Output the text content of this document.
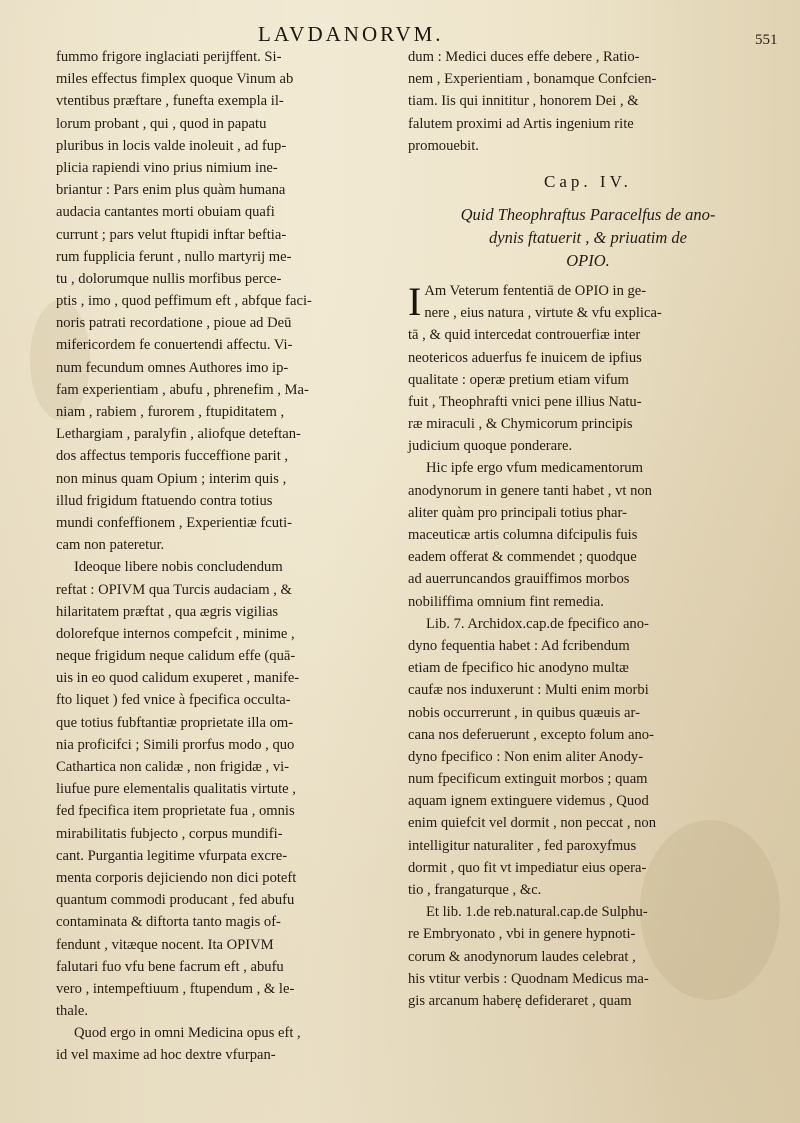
LAVDANORVM.	551
fummo frigore inglaciati perijffent. Si-
miles effectus fimplex quoque Vinum ab
vtentibus præftare , funefta exempla il-
lorum probant , qui , quod in papatu
pluribus in locis valde inoleuit , ad fup-
plicia rapiendi vino prius nimium ine-
briantur : Pars enim plus quàm humana
audacia cantantes morti obuiam quafi
currunt ; pars velut ftupidi inftar beftia-
rum fupplicia ferunt , nullo martyrij me-
tu , dolorumque nullis morfibus perce-
ptis , imo , quod peffimum eft , abfque faci-
noris patrati recordatione , pioue ad Deū
mifericordem fe conuertendi affectu. Vi-
num fecundum omnes Authores imo ip-
fam experientiam , abufu , phrenefim , Ma-
niam , rabiem , furorem , ftupiditatem ,
Lethargiam , paralyfin , aliofque deteftan-
dos affectus temporis fucceffione parit ,
non minus quam Opium ; interim quis ,
illud frigidum ftatuendo contra totius
mundi confeffionem , Experientiæ fcuti-
cam non pateretur.
Ideoque libere nobis concludendum
reftat : OPIVM qua Turcis audaciam , &
hilaritatem præftat , qua ægris vigilias
dolorefque internos compefcit , minime ,
neque frigidum neque calidum effe (quā-
uis in eo quod calidum exuperet , manife-
fto liquet ) fed vnice à fpecifica occulta-
que totius fubftantiæ proprietate illa om-
nia proficifci ; Simili prorfus modo , quo
Cathartica non calidæ , non frigidæ , vi-
liufue pure elementalis qualitatis virtute ,
fed fpecifica item proprietate fua , omnis
mirabilitatis fubjecto , corpus mundifi-
cant. Purgantia legitime vfurpata excre-
menta corporis dejiciendo non dici poteft
quantum commodi producant , fed abufu
contaminata & diftorta tanto magis of-
fendunt , vitæque nocent. Ita OPIVM
falutari fuo vfu bene facrum eft , abufu
vero , intempeftiuum , ftupendum , & le-
thale.
Quod ergo in omni Medicina opus eft ,
id vel maxime ad hoc dextre vfurpan-
dum : Medici duces effe debere , Ratio-
nem , Experientiam , bonamque Confcien-
tiam. Iis qui innititur , honorem Dei , &
falutem proximi ad Artis ingenium rite
promouebit.
Cap. IV.
Quid Theophraftus Paracelfus de ano-
dynis ftatuerit , & priuatim de
OPIO.
I Am Veterum fententiā de OPIO in ge-
nere , eius natura , virtute & vfu explica-
tā , & quid intercedat controuerfiæ inter
neotericos aduerfus fe inuicem de ipfius
qualitate : operæ pretium etiam vifum
fuit , Theophrafti vnici pene illius Natu-
ræ miraculi , & Chymicorum principis
judicium quoque ponderare.
Hic ipfe ergo vfum medicamentorum
anodynorum in genere tanti habet , vt non
aliter quàm pro principali totius phar-
maceuticæ artis columna difcipulis fuis
eadem offerat & commendet ; quodque
ad auerruncandos grauiffimos morbos
nobiliffima omnium fint remedia.
Lib. 7. Archidox.cap.de fpecifico ano-
dyno fequentia habet : Ad fcribendum
etiam de fpecifico hic anodyno multæ
caufæ nos induxerunt : Multi enim morbi
nobis occurrerunt , in quibus quæuis ar-
cana nos deferuerunt , excepto folum ano-
dyno fpecifico : Non enim aliter Anody-
num fpecificum extinguit morbos ; quam
aquam ignem extinguere videmus , Quod
enim quiefcit vel dormit , non peccat , non
intelligitur naturaliter , fed paroxyfmus
dormit , quo fit vt impediatur eius opera-
tio , frangaturque , &c.
Et lib. 1.de reb.natural.cap.de Sulphu-
re Embryonato , vbi in genere hypnoti-
corum & anodynorum laudes celebrat ,
his vtitur verbis : Quodnam Medicus ma-
gis arcanum haberę defideraret , quam
